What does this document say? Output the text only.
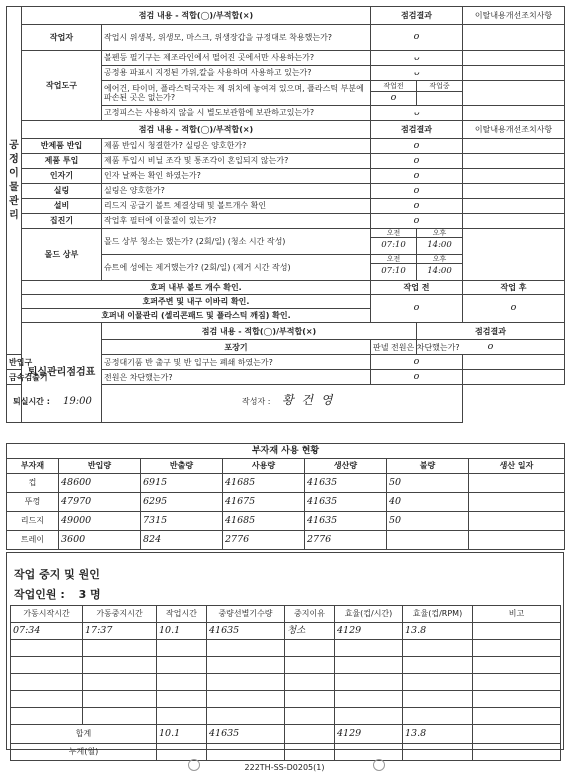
공정이물관리	점검 내용 - 적합(◯)/부적합(×)		점검결과		이탈내용개선조치사항	
	작업자	작업시 위생복, 위생모, 마스크, 위생장갑을 규정대로 착용했는가?	o			
	작업도구	볼펜등 필기구는 제조라인에서 떨어진 곳에서만 사용하는가?	ᴗ			
		공정용 파표시 지정된 가위,칼을 사용하며 사용하고 있는가?	ᴗ			
		에어건, 타이머, 플라스틱국자는 제 위치에 놓여져 있으며, 플라스틱 부분에 파손된 곳은 없는가?	작업전	작업중		
			o			
		고정피스는 사용하지 않을 시 별도보관함에 보관하고있는가?	ᴗ			
	점검 내용 - 적합(◯)/부적합(×)		점검결과		이탈내용개선조치사항	
	반제품 반입	제품 반입시 청결한가? 실링은 양호한가?	o			
	제품 투입	제품 투입시 비닐 조각 및 통조각이 혼입되지 않는가?	o			
	인자기	인자 날짜는 확인 하였는가?	o			
	실링	실링은 양호한가?	o			
	설비	리드지 공급기 볼트 체결상태 및 볼트개수 확인	o			
	집진기	작업후 필터에 이물질이 있는가?	o			
	몰드 상부	몰드 상부 청소는 했는가? (2회/일) (청소 시간 작성)	오전	오후		
			07:10	14:00		
		슈트에 성에는 제거했는가? (2회/일) (제거 시간 작성)	오전	오후		
			07:10	14:00		
	호퍼 내부 볼트 개수 확인.		작업 전		작업 후	
	호퍼주변 및 내구 이바리 확인.		o		o	
	호퍼내 이물관리 (셀리콘패드 및 플라스틱 깨짐) 확인.					
	퇴실관리점검표	점검 내용 - 적합(◯)/부적합(×)		점검결과	
		포장기	판넬 전원은 차단했는가?	o		
반입구		공정대기품 반 출구 및 반 입구는 폐쇄 하였는가?	o			
금속검출기		전원은 차단했는가?	o			

퇴실시간 : 19:00 작성자 : 황 건 영						
부자재 사용 현황						
부자재	반입량	반출량	사용량	생산량	불량	생산 일자
컵	48600	6915	41685	41635	50	
뚜껑	47970	6295	41675	41635	40	
리드지	49000	7315	41685	41635	50	
트레이	3600	824	2776	2776		
작업 중지 및 원인
작업인원 : 3 명
가동시작시간	가동중지시간	작업시간	중량선별기수량	중지이유	효율(컵/시간)	효율(컵/RPM)	비고
07:34	17:37	10.1	41635	청소	4129	13.8	

합계		10.1	41635		4129	13.8	
누계(월)							
222TH-SS-D0205(1)
